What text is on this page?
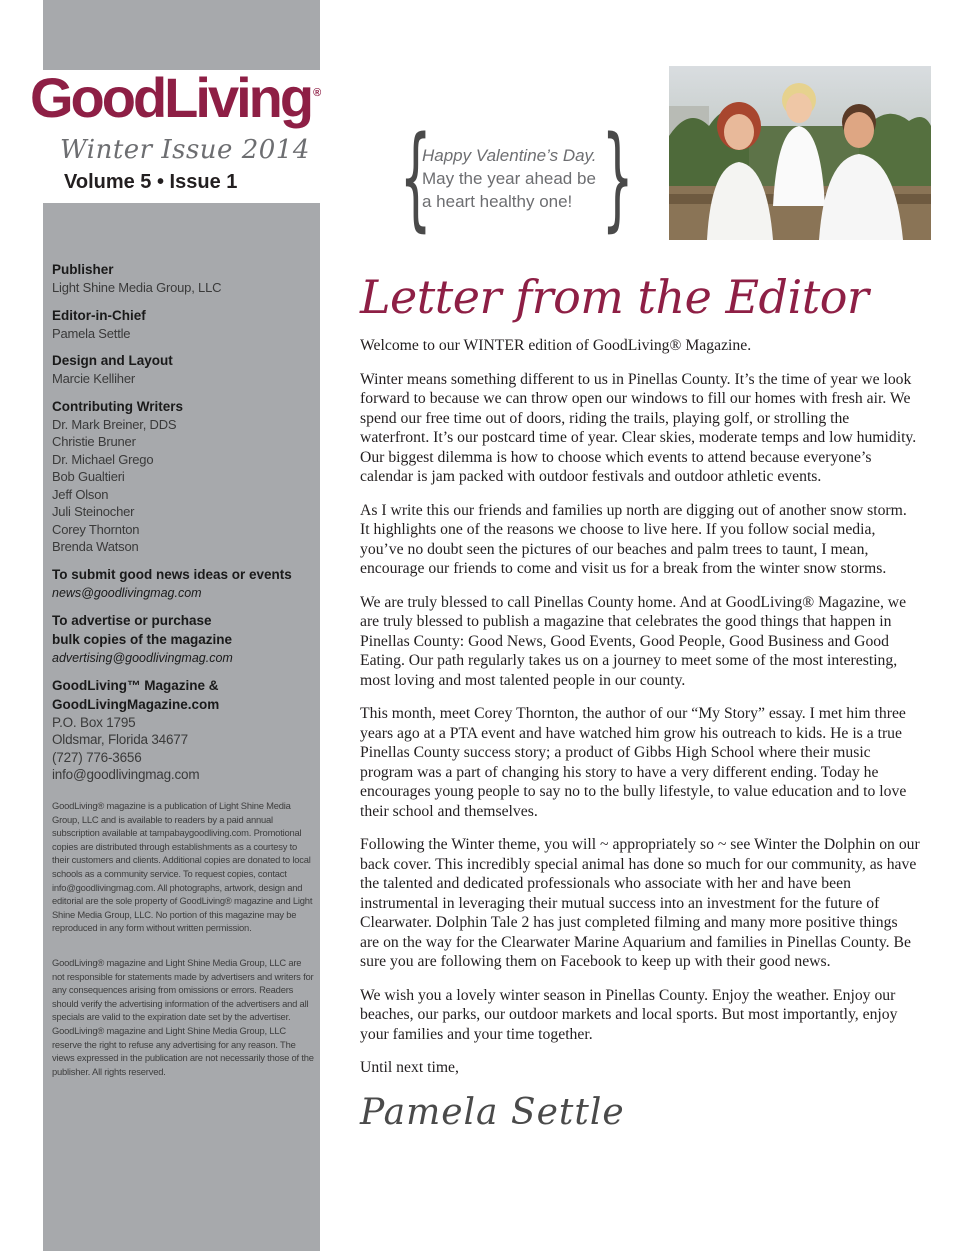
GoodLiving ®
Winter Issue 2014
Volume 5 • Issue 1
Publisher
Light Shine Media Group, LLC
Editor-in-Chief
Pamela Settle
Design and Layout
Marcie Kelliher
Contributing Writers
Dr. Mark Breiner, DDS
Christie Bruner
Dr. Michael Grego
Bob Gualtieri
Jeff Olson
Juli Steinocher
Corey Thornton
Brenda Watson
To submit good news ideas or events
news@goodlivingmag.com
To advertise or purchase
bulk copies of the magazine
advertising@goodlivingmag.com
GoodLiving™ Magazine &
GoodLivingMagazine.com
P.O. Box 1795
Oldsmar, Florida 34677
(727) 776-3656
info@goodlivingmag.com
GoodLiving® magazine is a publication of Light Shine Media Group, LLC and is available to readers by a paid annual subscription available at tampabaygoodliving.com. Promotional copies are distributed through establishments as a courtesy to their customers and clients. Additional copies are donated to local schools as a community service. To request copies, contact info@goodlivingmag.com. All photographs, artwork, design and editorial are the sole property of GoodLiving® magazine and Light Shine Media Group, LLC. No portion of this magazine may be reproduced in any form without written permission.
GoodLiving® magazine and Light Shine Media Group, LLC are not responsible for statements made by advertisers and writers for any consequences arising from omissions or errors. Readers should verify the advertising information of the advertisers and all specials are valid to the expiration date set by the advertiser. GoodLiving® magazine and Light Shine Media Group, LLC reserve the right to refuse any advertising for any reason. The views expressed in the publication are not necessarily those of the publisher. All rights reserved.
{ }
Happy Valentine’s Day.
May the year ahead be
a heart healthy one!
Letter from the Editor

Welcome to our WINTER edition of GoodLiving® Magazine.

Winter means something different to us in Pinellas County. It’s the time of year we look forward to because we can throw open our windows to fill our homes with fresh air. We spend our free time out of doors, riding the trails, playing golf, or strolling the waterfront. It’s our postcard time of year. Clear skies, moderate temps and low humidity. Our biggest dilemma is how to choose which events to attend because everyone’s calendar is jam packed with outdoor festivals and outdoor athletic events.

As I write this our friends and families up north are digging out of another snow storm. It highlights one of the reasons we choose to live here. If you follow social media, you’ve no doubt seen the pictures of our beaches and palm trees to taunt, I mean, encourage our friends to come and visit us for a break from the winter snow storms.

We are truly blessed to call Pinellas County home. And at GoodLiving® Magazine, we are truly blessed to publish a magazine that celebrates the good things that happen in Pinellas County: Good News, Good Events, Good People, Good Business and Good Eating. Our path regularly takes us on a journey to meet some of the most interesting, most loving and most talented people in our county.

This month, meet Corey Thornton, the author of our “My Story” essay. I met him three years ago at a PTA event and have watched him grow his outreach to kids. He is a true Pinellas County success story; a product of Gibbs High School where their music program was a part of changing his story to have a very different ending. Today he encourages young people to say no to the bully lifestyle, to value education and to love their school and themselves.

Following the Winter theme, you will ~ appropriately so ~ see Winter the Dolphin on our back cover. This incredibly special animal has done so much for our community, as have the talented and dedicated professionals who associate with her and have been instrumental in leveraging their mutual success into an investment for the future of Clearwater. Dolphin Tale 2 has just completed filming and many more positive things are on the way for the Clearwater Marine Aquarium and families in Pinellas County. Be sure you are following them on Facebook to keep up with their good news.

We wish you a lovely winter season in Pinellas County. Enjoy the weather. Enjoy our beaches, our parks, our outdoor markets and local sports. But most importantly, enjoy your families and your time together.

Until next time,

Pamela Settle
